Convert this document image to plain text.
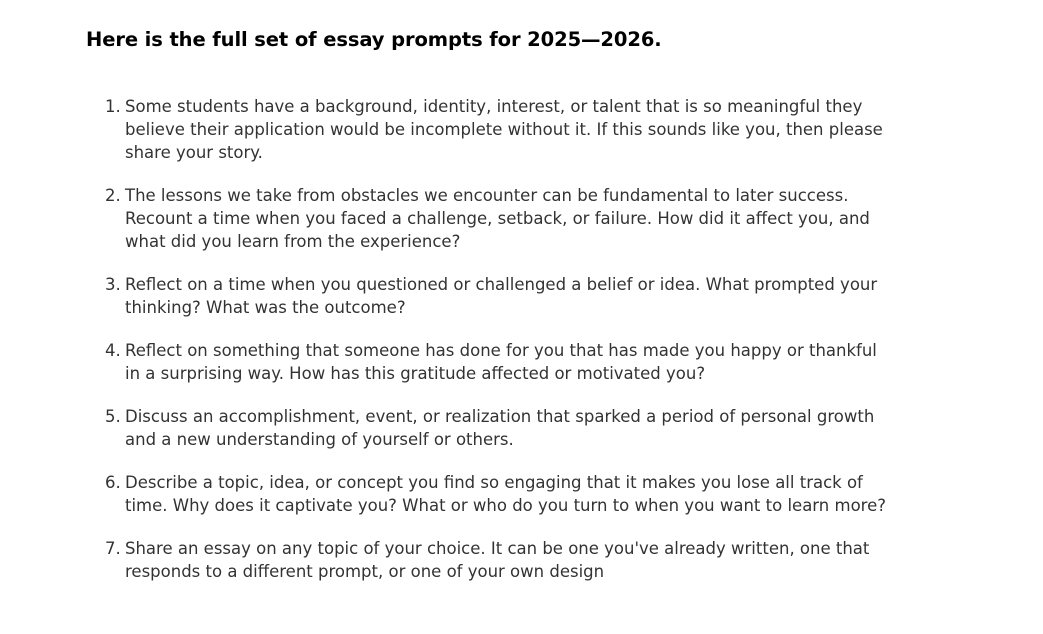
Here is the full set of essay prompts for 2025—2026.
1. Some students have a background, identity, interest, or talent that is so meaningful they believe their application would be incomplete without it. If this sounds like you, then please share your story.
2. The lessons we take from obstacles we encounter can be fundamental to later success. Recount a time when you faced a challenge, setback, or failure. How did it affect you, and what did you learn from the experience?
3. Reflect on a time when you questioned or challenged a belief or idea. What prompted your thinking? What was the outcome?
4. Reflect on something that someone has done for you that has made you happy or thankful in a surprising way. How has this gratitude affected or motivated you?
5. Discuss an accomplishment, event, or realization that sparked a period of personal growth and a new understanding of yourself or others.
6. Describe a topic, idea, or concept you find so engaging that it makes you lose all track of time. Why does it captivate you? What or who do you turn to when you want to learn more?
7. Share an essay on any topic of your choice. It can be one you've already written, one that responds to a different prompt, or one of your own design
